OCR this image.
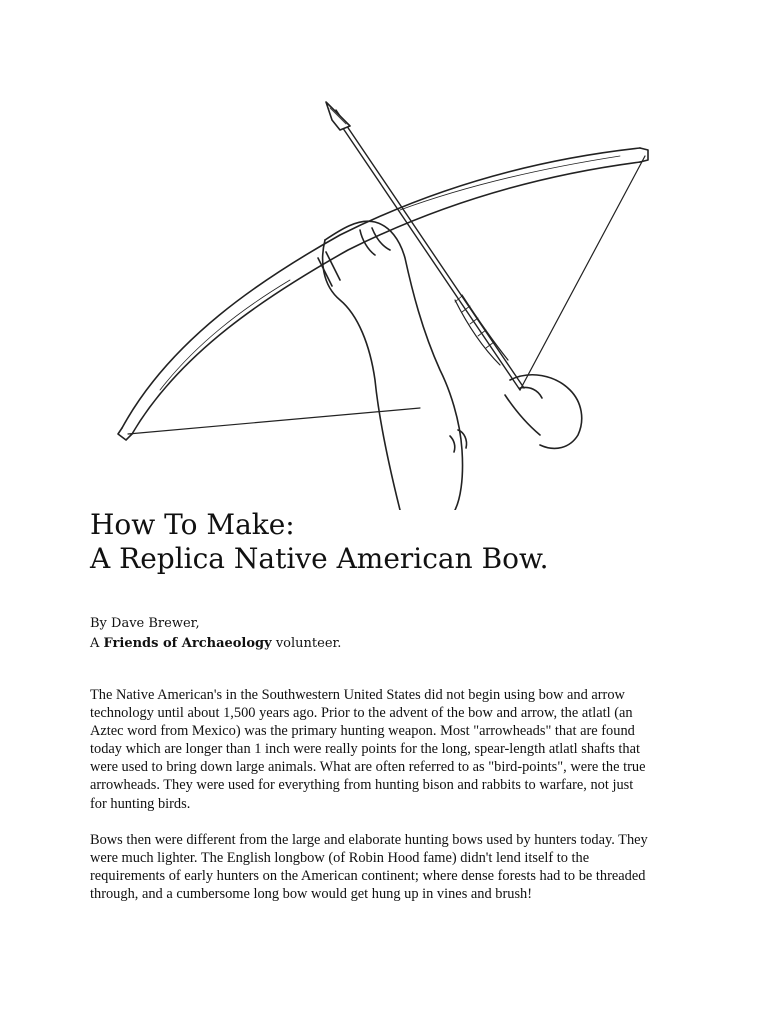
How To Make:
A Replica Native American Bow.
By Dave Brewer,
A Friends of Archaeology volunteer.

The Native American's in the Southwestern United States did not begin using bow and arrow
technology until about 1,500 years ago. Prior to the advent of the bow and arrow, the atlatl (an
Aztec word from Mexico) was the primary hunting weapon. Most "arrowheads" that are found
today which are longer than 1 inch were really points for the long, spear-length atlatl shafts that
were used to bring down large animals. What are often referred to as "bird-points", were the true
arrowheads. They were used for everything from hunting bison and rabbits to warfare, not just
for hunting birds.

Bows then were different from the large and elaborate hunting bows used by hunters today. They
were much lighter. The English longbow (of Robin Hood fame) didn't lend itself to the
requirements of early hunters on the American continent; where dense forests had to be threaded
through, and a cumbersome long bow would get hung up in vines and brush!
